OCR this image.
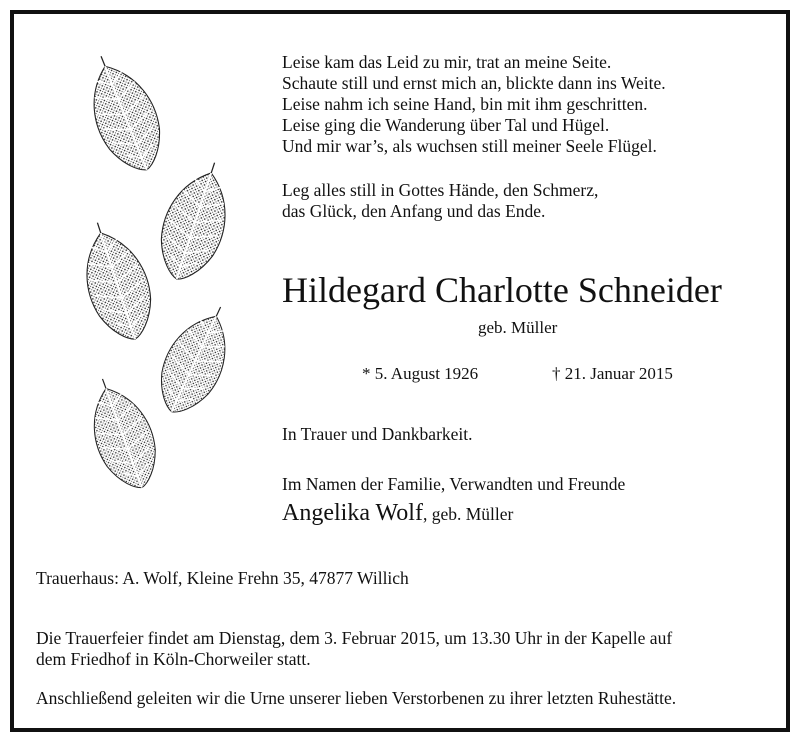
Leise kam das Leid zu mir, trat an meine Seite.
Schaute still und ernst mich an, blickte dann ins Weite.
Leise nahm ich seine Hand, bin mit ihm geschritten.
Leise ging die Wanderung über Tal und Hügel.
Und mir war’s, als wuchsen still meiner Seele Flügel.
Leg alles still in Gottes Hände, den Schmerz,
das Glück, den Anfang und das Ende.
Hildegard Charlotte Schneider
geb. Müller
* 5. August 1926	† 21. Januar 2015
In Trauer und Dankbarkeit.
Im Namen der Familie, Verwandten und Freunde
Angelika Wolf, geb. Müller
Trauerhaus: A. Wolf, Kleine Frehn 35, 47877 Willich
Die Trauerfeier findet am Dienstag, dem 3. Februar 2015, um 13.30 Uhr in der Kapelle auf
dem Friedhof in Köln-Chorweiler statt.
Anschließend geleiten wir die Urne unserer lieben Verstorbenen zu ihrer letzten Ruhestätte.
